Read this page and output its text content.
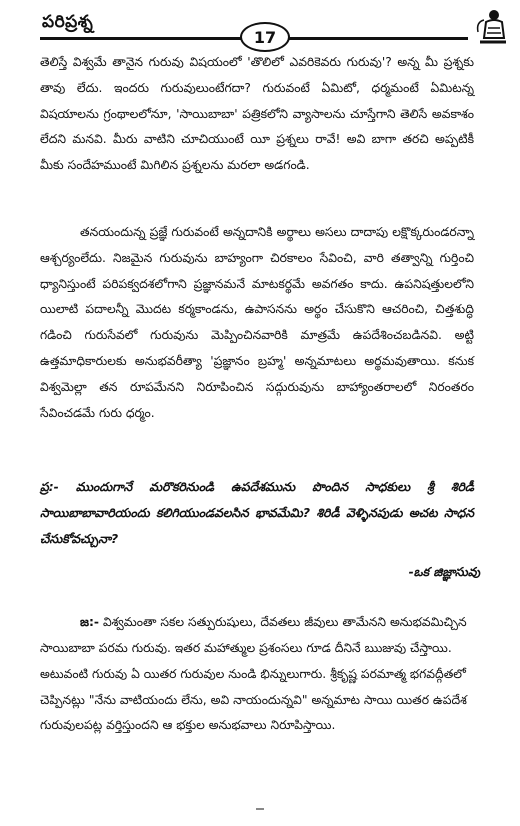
పరిప్రశ్న
17

తెలిస్తే విశ్వమే తానైన గురువు విషయంలో 'తొలిలో ఎవరికెవరు గురువు'? అన్న మీ ప్రశ్నకు తావు లేదు. ఇందరు గురువులుంటేగదా? గురువంటే ఏమిటో, ధర్మమంటే ఏమిటన్న విషయాలను గ్రంథాలలోనూ, 'సాయిబాబా' పత్రికలోని వ్యాసాలను చూస్తేగాని తెలిసే అవకాశం లేదని మనవి. మీరు వాటిని చూచియుంటే యీ ప్రశ్నలు రావే! అవి బాగా తరచి అప్పటికీ మీకు సందేహముంటే మిగిలిన ప్రశ్నలను మరలా అడగండి.

తనయందున్న ప్రజ్ఞే గురువంటే అన్నదానికి అర్థాలు అసలు దాదాపు లక్షొక్కరుండరన్నా ఆశ్చర్యంలేదు. నిజమైన గురువును బాహ్యంగా చిరకాలం సేవించి, వారి తత్వాన్ని గుర్తించి ధ్యానిస్తుంటే పరిపక్వదశలోగాని ప్రజ్ఞానమనే మాటకర్థమే అవగతం కాదు. ఉపనిషత్తులలోని యిలాటి పదాలన్నీ మొదట కర్మకాండను, ఉపాసనను అర్థం చేసుకొని ఆచరించి, చిత్తశుద్ధి గడించి గురుసేవలో గురువును మెప్పించినవారికి మాత్రమే ఉపదేశించబడినవి. అట్టి ఉత్తమాధికారులకు అనుభవరీత్యా 'ప్రజ్ఞానం బ్రహ్మ' అన్నమాటలు అర్థమవుతాయి. కనుక విశ్వమెల్లా తన రూపమేనని నిరూపించిన సద్గురువును బాహ్యాంతరాలలో నిరంతరం సేవించడమే గురు ధర్మం.

ప్ర:- ముందుగానే మరొకరినుండి ఉపదేశమును పొందిన సాధకులు శ్రీ శిరిడీ సాయిబాబావారియందు కలిగియుండవలసిన భావమేమి? శిరిడీ వెళ్ళినపుడు అచట సాధన చేసుకోవచ్చునా?

-ఒక జిజ్ఞాసువు

జ:- విశ్వమంతా సకల సత్పురుషులు, దేవతలు జీవులు తామేనని అనుభవమిచ్చిన సాయిబాబా పరమ గురువు. ఇతర మహాత్ముల ప్రశంసలు గూడ దీనినే ఋజువు చేస్తాయి. అటువంటి గురువు ఏ యితర గురువుల నుండి భిన్నులుగారు. శ్రీకృష్ణ పరమాత్మ భగవద్గీతలో చెప్పినట్లు "నేను వాటియందు లేను, అవి నాయందున్నవి" అన్నమాట సాయి యితర ఉపదేశ గురువులపట్ల వర్తిస్తుందని ఆ భక్తుల అనుభవాలు నిరూపిస్తాయి.
